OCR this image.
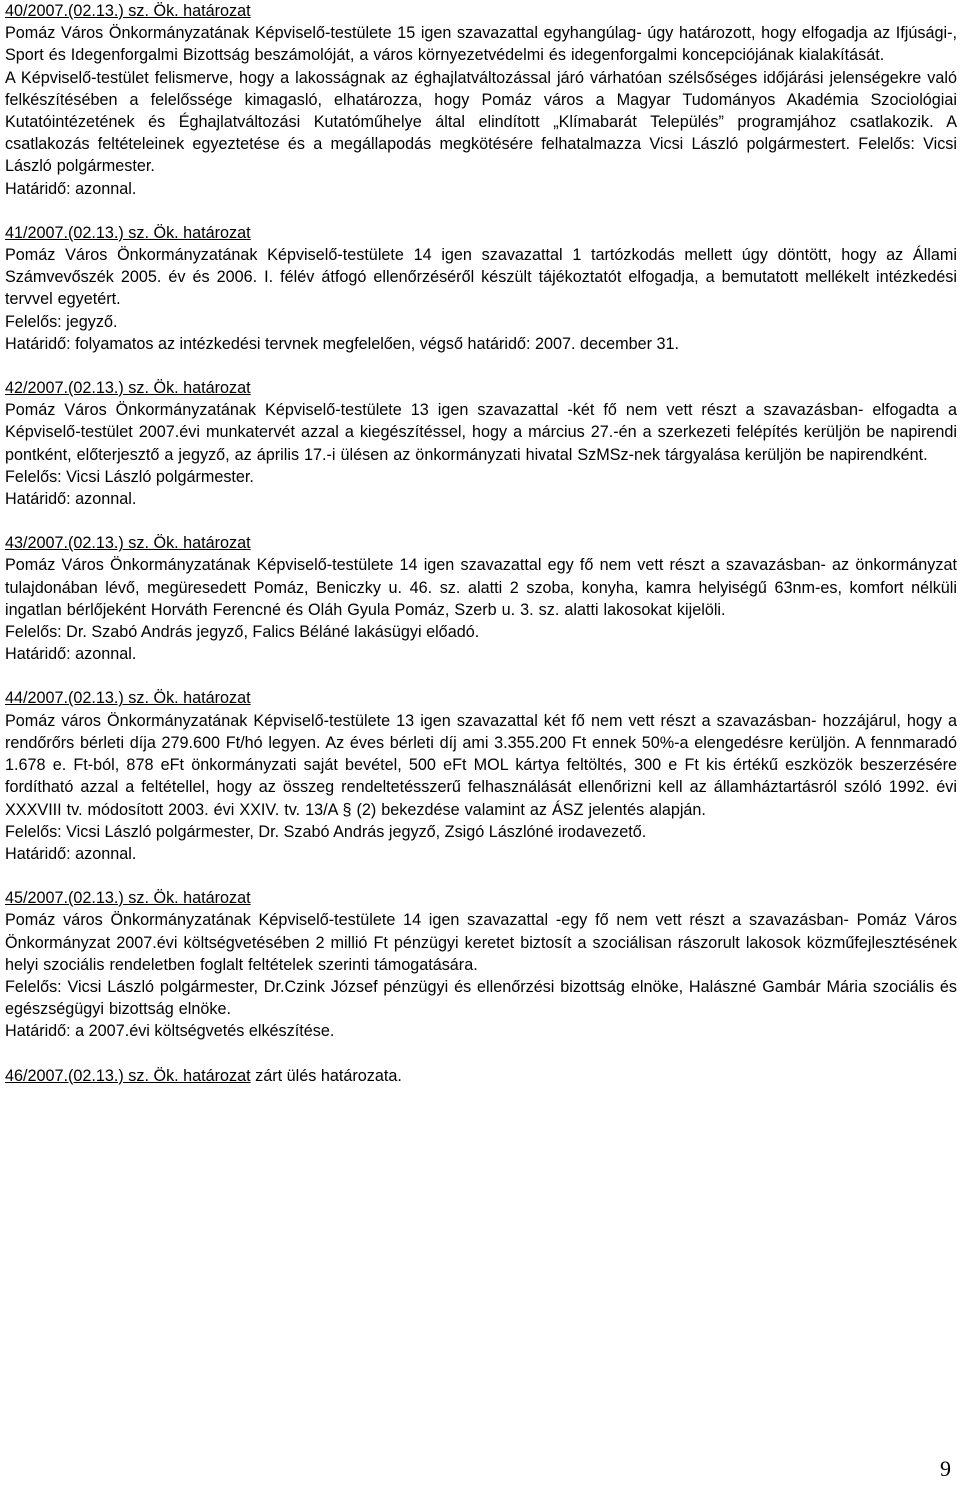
40/2007.(02.13.) sz. Ök. határozat

Pomáz Város Önkormányzatának Képviselő-testülete 15 igen szavazattal egyhangúlag- úgy határozott, hogy elfogadja az Ifjúsági-, Sport és Idegenforgalmi Bizottság beszámolóját, a város környezetvédelmi és idegenforgalmi koncepciójának kialakítását.

A Képviselő-testület felismerve, hogy a lakosságnak az éghajlatváltozással járó várhatóan szélsőséges időjárási jelenségekre való felkészítésében a felelőssége kimagasló, elhatározza, hogy Pomáz város a Magyar Tudományos Akadémia Szociológiai Kutatóintézetének és Éghajlatváltozási Kutatóműhelye által elindított „Klímabarát Település” programjához csatlakozik. A csatlakozás feltételeinek egyeztetése és a megállapodás megkötésére felhatalmazza Vicsi László polgármestert. Felelős: Vicsi László polgármester.

Határidő: azonnal.

41/2007.(02.13.) sz. Ök. határozat

Pomáz Város Önkormányzatának Képviselő-testülete 14 igen szavazattal 1 tartózkodás mellett úgy döntött, hogy az Állami Számvevőszék 2005. év és 2006. I. félév átfogó ellenőrzéséről készült tájékoztatót elfogadja, a bemutatott mellékelt intézkedési tervvel egyetért.

Felelős: jegyző.

Határidő: folyamatos az intézkedési tervnek megfelelően, végső határidő: 2007. december 31.

42/2007.(02.13.) sz. Ök. határozat

Pomáz Város Önkormányzatának Képviselő-testülete 13 igen szavazattal -két fő nem vett részt a szavazásban- elfogadta a Képviselő-testület 2007.évi munkatervét azzal a kiegészítéssel, hogy a március 27.-én a szerkezeti felépítés kerüljön be napirendi pontként, előterjesztő a jegyző, az április 17.-i ülésen az önkormányzati hivatal SzMSz-nek tárgyalása kerüljön be napirendként.

Felelős: Vicsi László polgármester.

Határidő: azonnal.

43/2007.(02.13.) sz. Ök. határozat

Pomáz Város Önkormányzatának Képviselő-testülete 14 igen szavazattal egy fő nem vett részt a szavazásban- az önkormányzat tulajdonában lévő, megüresedett Pomáz, Beniczky u. 46. sz. alatti 2 szoba, konyha, kamra helyiségű 63nm-es, komfort nélküli ingatlan bérlőjeként Horváth Ferencné és Oláh Gyula Pomáz, Szerb u. 3. sz. alatti lakosokat kijelöli.

Felelős: Dr. Szabó András jegyző, Falics Béláné lakásügyi előadó.

Határidő: azonnal.

44/2007.(02.13.) sz. Ök. határozat

Pomáz város Önkormányzatának Képviselő-testülete 13 igen szavazattal két fő nem vett részt a szavazásban- hozzájárul, hogy a rendőrőrs bérleti díja 279.600 Ft/hó legyen. Az éves bérleti díj ami 3.355.200 Ft ennek 50%-a elengedésre kerüljön. A fennmaradó 1.678 e. Ft-ból, 878 eFt önkormányzati saját bevétel, 500 eFt MOL kártya feltöltés, 300 e Ft kis értékű eszközök beszerzésére fordítható azzal a feltétellel, hogy az összeg rendeltetésszerű felhasználását ellenőrizni kell az államháztartásról szóló 1992. évi XXXVIII tv. módosított 2003. évi XXIV. tv. 13/A § (2) bekezdése valamint az ÁSZ jelentés alapján.

Felelős: Vicsi László polgármester, Dr. Szabó András jegyző, Zsigó Lászlóné irodavezető.

Határidő: azonnal.

45/2007.(02.13.) sz. Ök. határozat

Pomáz város Önkormányzatának Képviselő-testülete 14 igen szavazattal -egy fő nem vett részt a szavazásban- Pomáz Város Önkormányzat 2007.évi költségvetésében 2 millió Ft pénzügyi keretet biztosít a szociálisan rászorult lakosok közműfejlesztésének helyi szociális rendeletben foglalt feltételek szerinti támogatására.

Felelős: Vicsi László polgármester, Dr.Czink József pénzügyi és ellenőrzési bizottság elnöke, Halászné Gambár Mária szociális és egészségügyi bizottság elnöke.

Határidő: a 2007.évi költségvetés elkészítése.

46/2007.(02.13.) sz. Ök. határozat zárt ülés határozata.

9
